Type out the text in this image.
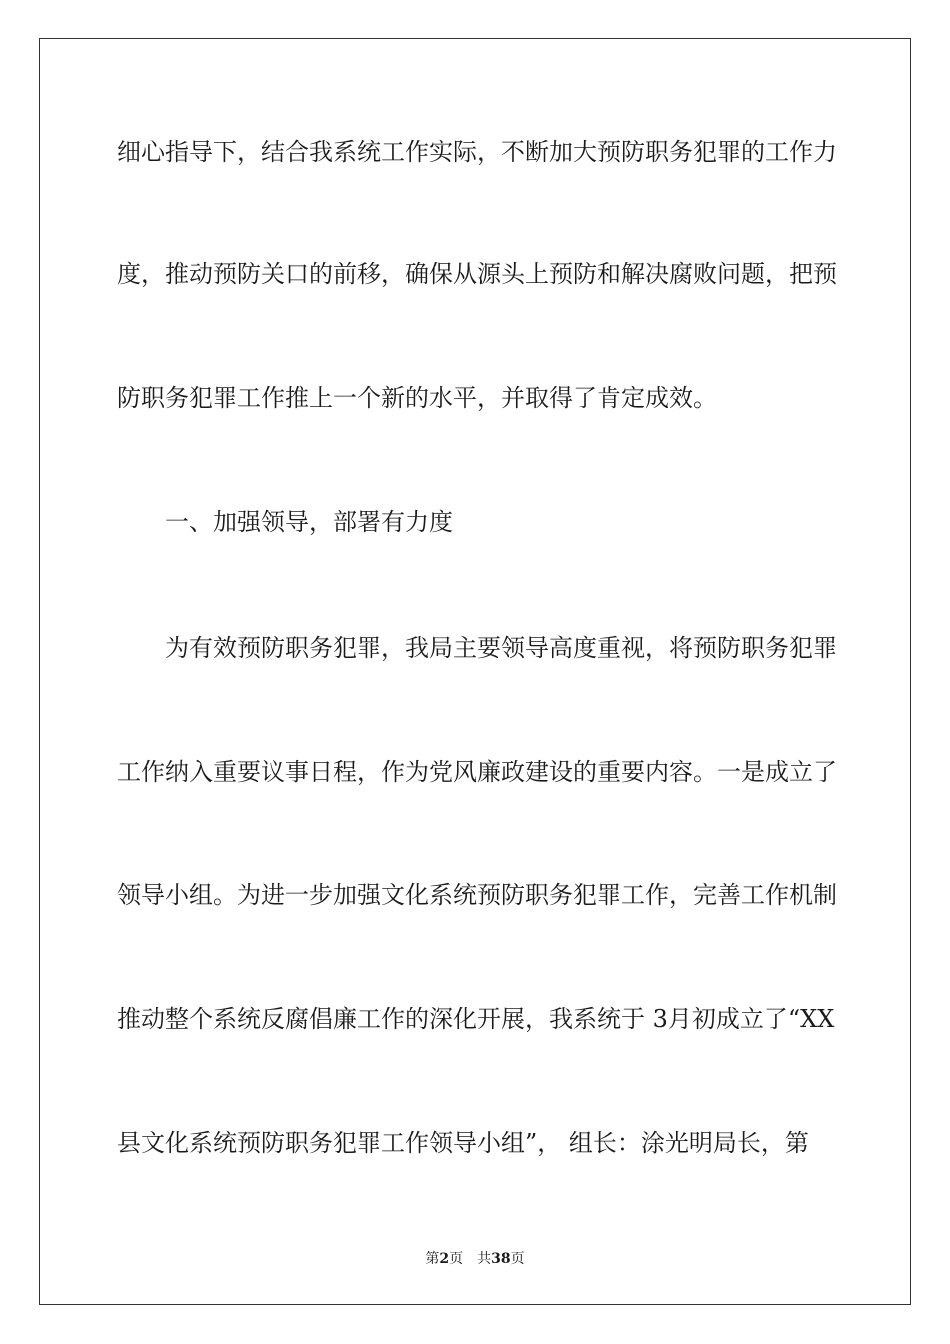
细心指导下，结合我系统工作实际，不断加大预防职务犯罪的工作力
度，推动预防关口的前移，确保从源头上预防和解决腐败问题，把预
防职务犯罪工作推上一个新的水平，并取得了肯定成效。
一、加强领导，部署有力度
为有效预防职务犯罪，我局主要领导高度重视，将预防职务犯罪
工作纳入重要议事日程，作为党风廉政建设的重要内容。一是成立了
领导小组。为进一步加强文化系统预防职务犯罪工作，完善工作机制
推动整个系统反腐倡廉工作的深化开展，我系统于 3月初成立了“XX
县文化系统预防职务犯罪工作领导小组”， 组长：涂光明局长，第
第2页 共38页
